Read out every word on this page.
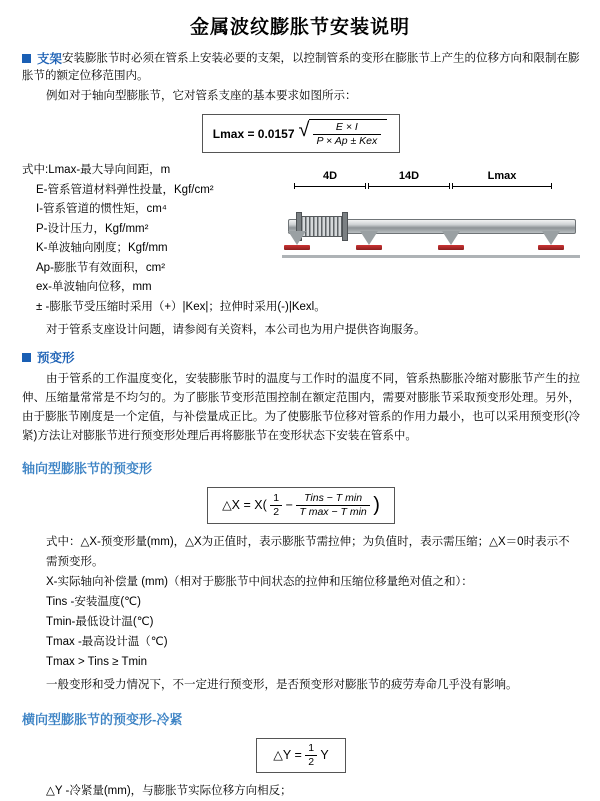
金属波纹膨胀节安装说明
支架安装膨胀节时必须在管系上安装必要的支架，以控制管系的变形在膨胀节上产生的位移方向和限制在膨胀节的额定位移范围内。

例如对于轴向型膨胀节，它对管系支座的基本要求如图所示：

Lmax = 0.0157 √ $\frac{E \times I}{\text{P × Ap ± Kex}}$

式中:Lmax-最大导向间距，m

E-管系管道材料弹性投量，Kgf/cm²

I-管系管道的惯性矩，cm⁴

P-设计压力，Kgf/mm²

K-单波轴向刚度；Kgf/mm

Ap-膨胀节有效面积，cm²

ex-单波轴向位移，mm

± -膨胀节受压缩时采用（+）|Kex|；拉伸时采用(-)|Kexl。

4D	14D	Lmax

对于管系支座设计问题，请参阅有关资料，本公司也为用户提供咨询服务。

预变形

由于管系的工作温度变化，安装膨胀节时的温度与工作时的温度不同，管系热膨胀冷缩对膨胀节产生的拉伸、压缩量常常是不均匀的。为了膨胀节变形范围控制在额定范围内，需要对膨胀节采取预变形处理。另外，由于膨胀节刚度是一个定值，与补偿量成正比。为了使膨胀节位移对管系的作用力最小，也可以采用预变形(冷紧)方法让对膨胀节进行预变形处理后再将膨胀节在变形状态下安装在管系中。

轴向型膨胀节的预变形
△X = $X( \frac{1}{2} - \frac{\text{Tins − T min}}{\text{T max − T min}}$ )

式中：△X-预变形量(mm)，△X为正值时，表示膨胀节需拉伸；为负值时，表示需压缩；△X＝0时表示不需预变形。

X-实际轴向补偿量 (mm)（相对于膨胀节中间状态的拉伸和压缩位移量绝对值之和）：

Tins -安装温度(℃)

Tmin-最低设计温(℃)

Tmax -最高设计温（℃)

Tmax > Tins ≥ Tmin

一般变形和受力情况下，不一定进行预变形，是否预变形对膨胀节的疲劳寿命几乎没有影响。

横向型膨胀节的预变形-冷紧
△Y = $\frac{1}{2}$ Y

△Y -冷紧量(mm)，与膨胀节实际位移方向相反；
